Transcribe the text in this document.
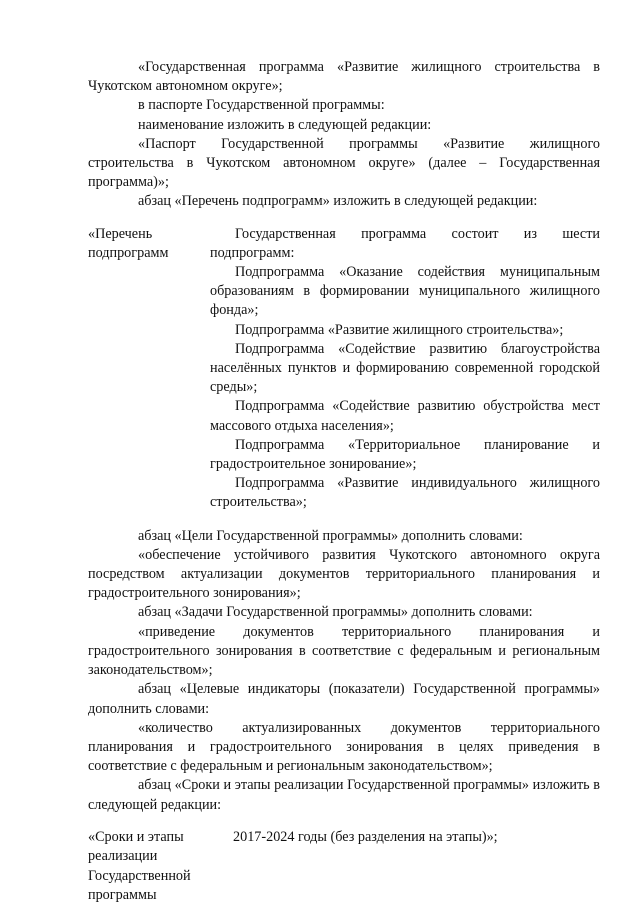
«Государственная программа «Развитие жилищного строительства в Чукотском автономном округе»;

в паспорте Государственной программы:

наименование изложить в следующей редакции:

«Паспорт Государственной программы «Развитие жилищного строительства в Чукотском автономном округе» (далее – Государственная программа)»;

абзац «Перечень подпрограмм» изложить в следующей редакции:

«Перечень подпрограмм

Государственная программа состоит из шести подпрограмм:

Подпрограмма «Оказание содействия муниципальным образованиям в формировании муниципального жилищного фонда»;

Подпрограмма «Развитие жилищного строительства»;

Подпрограмма «Содействие развитию благоустройства населённых пунктов и формированию современной городской среды»;

Подпрограмма «Содействие развитию обустройства мест массового отдыха населения»;

Подпрограмма «Территориальное планирование и градостроительное зонирование»;

Подпрограмма «Развитие индивидуального жилищного строительства»;

абзац «Цели Государственной программы» дополнить словами:

«обеспечение устойчивого развития Чукотского автономного округа посредством актуализации документов территориального планирования и градостроительного зонирования»;

абзац «Задачи Государственной программы» дополнить словами:

«приведение документов территориального планирования и градостроительного зонирования в соответствие с федеральным и региональным законодательством»;

абзац «Целевые индикаторы (показатели) Государственной программы» дополнить словами:

«количество актуализированных документов территориального планирования и градостроительного зонирования в целях приведения в соответствие с федеральным и региональным законодательством»;

абзац «Сроки и этапы реализации Государственной программы» изложить в следующей редакции:

«Сроки и этапы
реализации
Государственной
программы
2017-2024 годы (без разделения на этапы)»;
